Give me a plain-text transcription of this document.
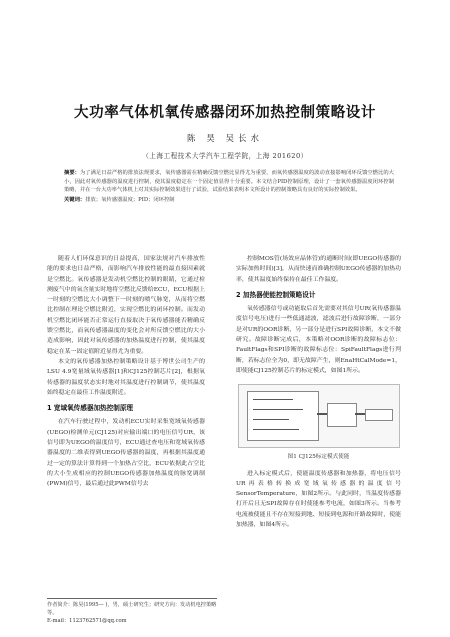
大功率气体机氧传感器闭环加热控制策略设计
陈 昊 吴长水
（上海工程技术大学汽车工程学院，上海 201620）
摘要：为了满足日益严格的排放法规要求，氧传感器需在精确反馈空燃比显得尤为重要，而氧传感器温度的波动直接影响闭环反馈空燃比的大小，因此对氧传感器的温度进行控制，使其温度稳定在一个固定值显得十分重要。本文结合PID控制原理，设计了一套氧传感器温度闭环控制策略，并在一台大功率气体机上对其实际控制效果进行了试验，试验结果表明本文所设计的控制策略具有良好的实际控制效果。
关键词：排放；氧传感器温度；PID；闭环控制

随着人们环保意识的日益提高，国家法规对汽车排放性能的要求也日益严格，而影响汽车排放性能的最直接因素就是空燃比。氧传感器是发动机空燃比控制的眼睛，它通过检测废气中的氧含量实时地将空燃比反馈给ECU，ECU根据上一时刻的空燃比大小调整下一时刻的喷气脉宽，从而将空燃比控制在理论空燃比附近，实现空燃比的闭环控制。而发动机空燃比闭环能否正常运行直接取决于氧传感器能否精确反馈空燃比，而氧传感器温度的变化会对所反馈空燃比的大小造成影响，因此对氧传感器的加热温度进行控制，使其温度稳定在某一固定值附近显得尤为重要。

本文的氧传感器加热控制策略设计基于博世公司生产的LSU 4.9宽量域氧传感器[1]和CJ125控制芯片[2]，根据氧传感器的温度状态实时地对其温度进行控制调节，使其温度始终稳定在最佳工作温度附近。

1 宽域氧传感器加热控制原理

在汽车行驶过程中，发动机ECU实时采集宽域氧传感器(UEGO)检测单元(CJ125)对应输出端口的电压信号UR，该信号即为UEGO的温度信号，ECU通过查电压和宽域氧传感器温度的二维表得到UEGO传感器的温度，再根据其温度通过一定的算法计算得到一个加热占空比，ECU依据此占空比的大小生成相应的控制UEGO传感器加热温度的脉宽调制(PWM)信号，最后通过此PWM信号去

控制MOS管(场效应晶体管)的通断时间(即UEGO传感器的实际加热时间)[3]，从而快速而准确控制UEGO传感器的加热功率，使其温度始终保持在最佳工作温度。

2 加热器使能控制策略设计

氧传感器信号或功能取后首先需要对其信号UR(氧传感器温度信号电压)进行一些低通滤波，滤波后进行故障诊断，一部分是对UR的OOR诊断，另一部分是进行SPI故障诊断，本文不做研究。故障诊断完成后，本策略对OOR诊断的故障标志位：FaultFlags和SPI诊断的故障标志位：SpiFaultFlags进行判断，若标志位全为0，即无故障产生，则EnaHtCalMode=1，即使能CJ125控制芯片的标定模式，如图1所示。

图1 CJ125标定模式使能

进入标定模式后，使能温度传感器和加热器，将电压信号UR再表格转换成宽域氧传感器的温度信号SensorTemperature，如图2所示。与此同时，当温度传感器打开后且无SPI故障存在时使能参考电流，如图3所示。当参考电流被使能且不存在短接到地、短接到电源和开路故障时，使能加热器，如图4所示。

作者简介：陈昊(1995— )，男，硕士研究生；研究方向：发动机电控策略等。
E-mail：1123762571@qq.com
